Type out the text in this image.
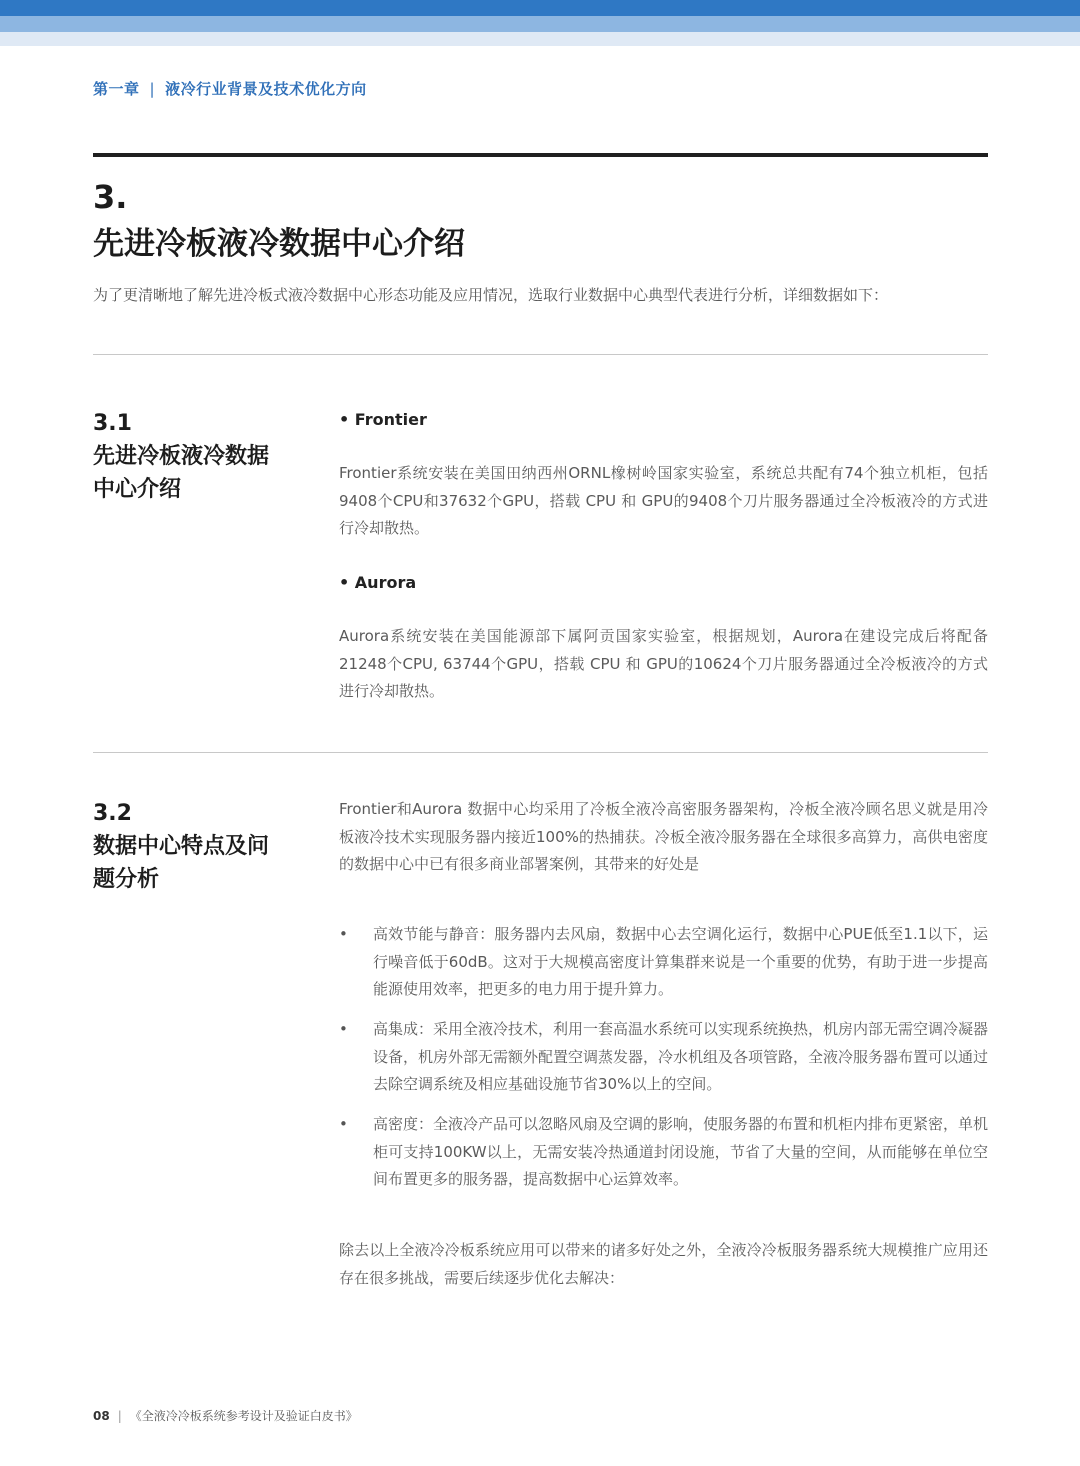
第一章 | 液冷行业背景及技术优化方向
3.
先进冷板液冷数据中心介绍
为了更清晰地了解先进冷板式液冷数据中心形态功能及应用情况，选取行业数据中心典型代表进行分析，详细数据如下：
3.1
先进冷板液冷数据
中心介绍
• Frontier
Frontier系统安装在美国田纳西州ORNL橡树岭国家实验室，系统总共配有74个独立机柜，包括9408个CPU和37632个GPU，搭载 CPU 和 GPU的9408个刀片服务器通过全冷板液冷的方式进行冷却散热。
• Aurora
Aurora系统安装在美国能源部下属阿贡国家实验室，根据规划，Aurora在建设完成后将配备21248个CPU, 63744个GPU，搭载 CPU 和 GPU的10624个刀片服务器通过全冷板液冷的方式进行冷却散热。
3.2
数据中心特点及问
题分析
Frontier和Aurora 数据中心均采用了冷板全液冷高密服务器架构，冷板全液冷顾名思义就是用冷板液冷技术实现服务器内接近100%的热捕获。冷板全液冷服务器在全球很多高算力，高供电密度的数据中心中已有很多商业部署案例，其带来的好处是
• 高效节能与静音：服务器内去风扇，数据中心去空调化运行，数据中心PUE低至1.1以下，运行噪音低于60dB。这对于大规模高密度计算集群来说是一个重要的优势，有助于进一步提高能源使用效率，把更多的电力用于提升算力。
• 高集成：采用全液冷技术，利用一套高温水系统可以实现系统换热，机房内部无需空调冷凝器设备，机房外部无需额外配置空调蒸发器，冷水机组及各项管路，全液冷服务器布置可以通过去除空调系统及相应基础设施节省30%以上的空间。
• 高密度：全液冷产品可以忽略风扇及空调的影响，使服务器的布置和机柜内排布更紧密，单机柜可支持100KW以上，无需安装冷热通道封闭设施，节省了大量的空间，从而能够在单位空间布置更多的服务器，提高数据中心运算效率。
除去以上全液冷冷板系统应用可以带来的诸多好处之外，全液冷冷板服务器系统大规模推广应用还存在很多挑战，需要后续逐步优化去解决：
08 | 《全液冷冷板系统参考设计及验证白皮书》
